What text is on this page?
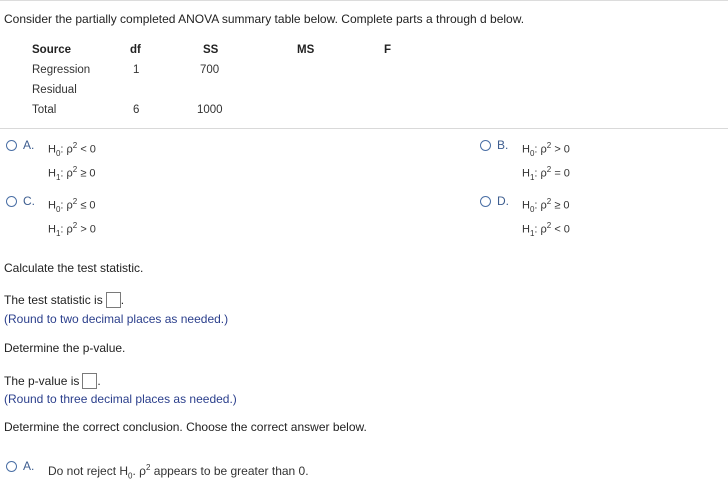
Consider the partially completed ANOVA summary table below. Complete parts a through d below.
Source	df	SS	MS	F
Regression	1	700
Residual
Total	6	1000
A. $H_0$: $\rho^2 < 0$
$H_1$: $\rho^2 \ge 0$
B. $H_0$: $\rho^2 > 0$
$H_1$: $\rho^2 = 0$
C. $H_0$: $\rho^2 \le 0$
$H_1$: $\rho^2 > 0$
D. $H_0$: $\rho^2 \ge 0$
$H_1$: $\rho^2 < 0$
Calculate the test statistic.
The test statistic is .
(Round to two decimal places as needed.)
Determine the p-value.
The p-value is .
(Round to three decimal places as needed.)
Determine the correct conclusion. Choose the correct answer below.
A. Do not reject $H_0$. $\rho^2$ appears to be greater than 0.
